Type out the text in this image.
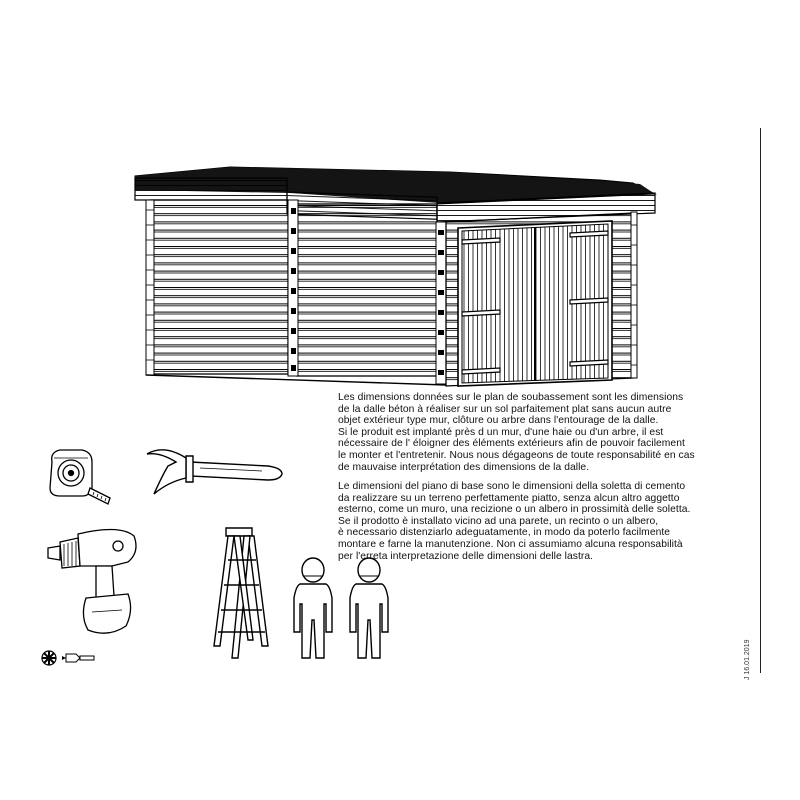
Les dimensions données sur le plan de soubassement sont les dimensions
de la dalle béton à réaliser sur un sol parfaitement plat sans aucun autre
objet extérieur type mur, clôture ou arbre dans l'entourage de la dalle.
Si le produit est implanté près d un mur, d'une haie ou d'un arbre, il est
nécessaire de l' éloigner des éléments extérieurs afin de pouvoir facilement
le monter et l'entretenir. Nous nous dégageons de toute responsabilité en cas
de mauvaise interprétation des dimensions de la dalle.
Le dimensioni del piano di base sono le dimensioni della soletta di cemento
da realizzare su un terreno perfettamente piatto, senza alcun altro aggetto
esterno, come un muro, una recizione o un albero in prossimità delle soletta.
Se il prodotto è installato vicino ad una parete, un recinto o un albero,
è necessario distenziarlo adeguatamente, in modo da poterlo facilmente
montare e farne la manutenzione. Non ci assumiamo alcuna responsabilità
per l'erreta interpretazione delle dimensioni delle lastra.
J 16.01.2019
